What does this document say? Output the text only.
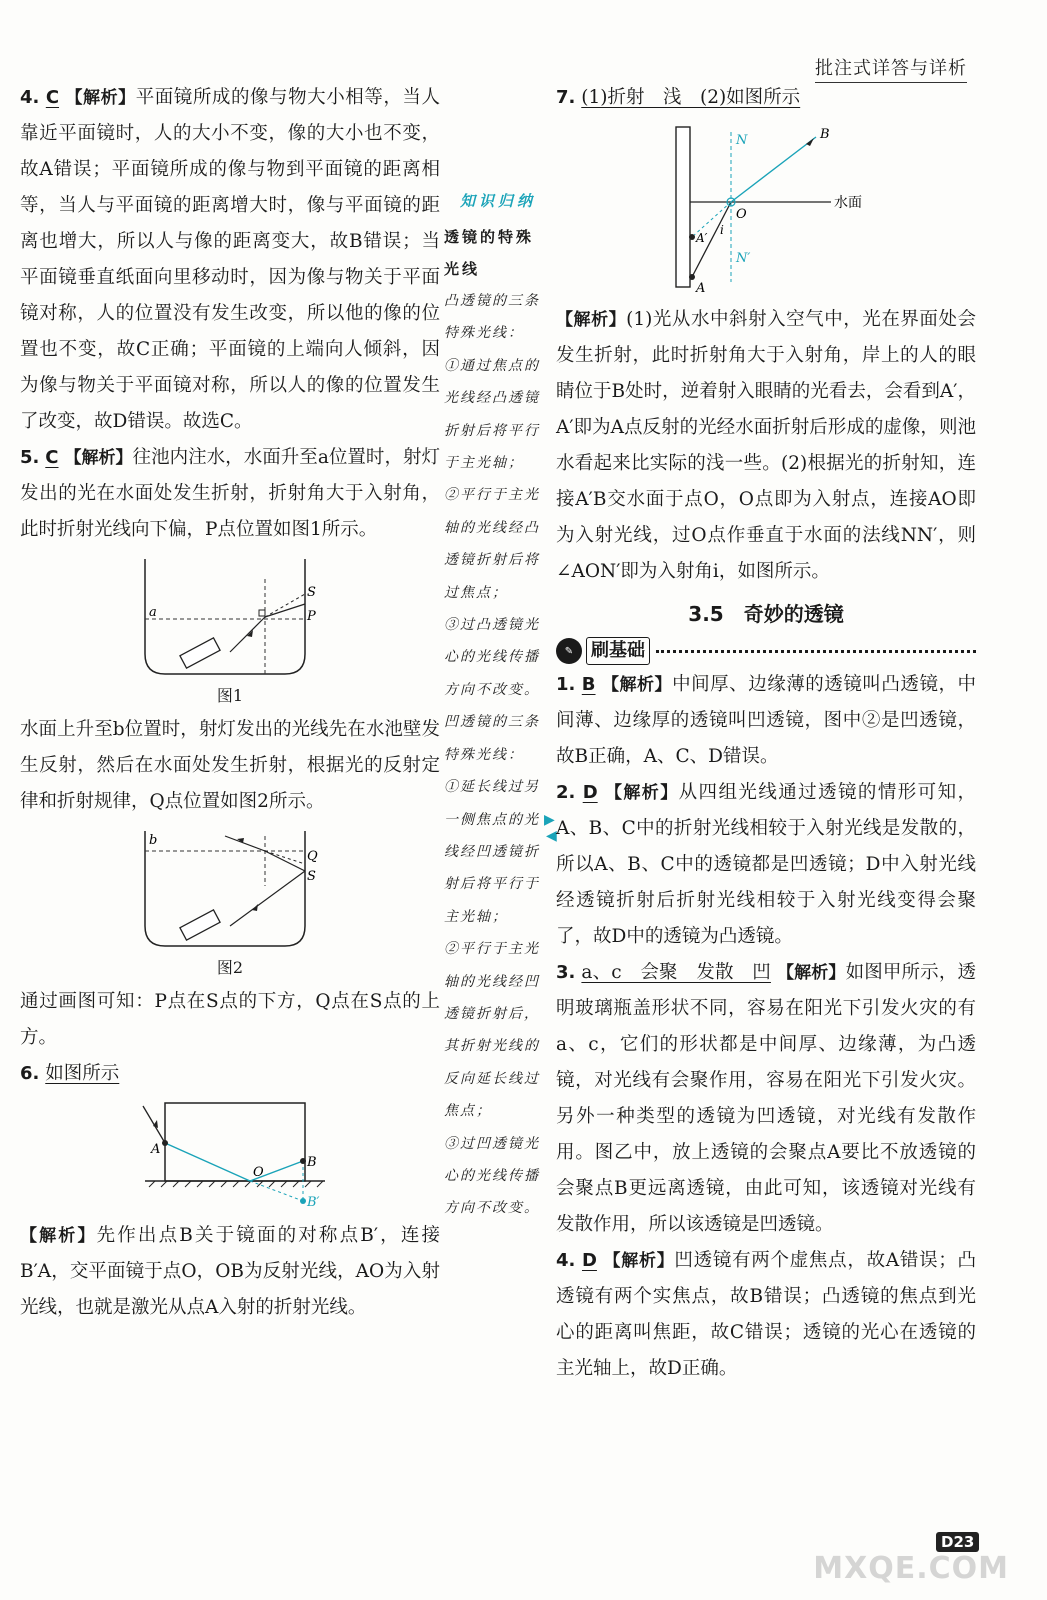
批注式详答与详析

4. C 【解析】平面镜所成的像与物大小相等，当人靠近平面镜时，人的大小不变，像的大小也不变，故A错误；平面镜所成的像与物到平面镜的距离相等，当人与平面镜的距离增大时，像与平面镜的距离也增大，所以人与像的距离变大，故B错误；当平面镜垂直纸面向里移动时，因为像与物关于平面镜对称，人的位置没有发生改变，所以他的像的位置也不变，故C正确；平面镜的上端向人倾斜，因为像与物关于平面镜对称，所以人的像的位置发生了改变，故D错误。故选C。

5. C 【解析】往池内注水，水面升至a位置时，射灯发出的光在水面处发生折射，折射角大于入射角，此时折射光线向下偏，P点位置如图1所示。

a
S
P

图1

水面上升至b位置时，射灯发出的光线先在水池壁发生反射，然后在水面处发生折射，根据光的反射定律和折射规律，Q点位置如图2所示。

b
Q
S

图2

通过画图可知：P点在S点的下方，Q点在S点的上方。

6. 如图所示

A
O
B
B′

【解析】先作出点B关于镜面的对称点B′，连接B′A，交平面镜于点O，OB为反射光线，AO为入射光线，也就是激光从点A入射的折射光线。

知识归纳

透镜的特殊

光线

凸透镜的三条

特殊光线：

①通过焦点的

光线经凸透镜

折射后将平行

于主光轴；

②平行于主光

轴的光线经凸

透镜折射后将

过焦点；

③过凸透镜光

心的光线传播

方向不改变。

凹透镜的三条

特殊光线：

①延长线过另

一侧焦点的光

线经凹透镜折

射后将平行于

主光轴；

②平行于主光

轴的光线经凹

透镜折射后，

其折射光线的

反向延长线过

焦点；

③过凹透镜光

心的光线传播

方向不改变。

▶
◀

7. (1)折射　浅　(2)如图所示

N	B
水面
O
i
A′
N′
A

【解析】(1)光从水中斜射入空气中，光在界面处会发生折射，此时折射角大于入射角，岸上的人的眼睛位于B处时，逆着射入眼睛的光看去，会看到A′，A′即为A点反射的光经水面折射后形成的虚像，则池水看起来比实际的浅一些。(2)根据光的折射知，连接A′B交水面于点O，O点即为入射点，连接AO即为入射光线，过O点作垂直于水面的法线NN′，则∠AON′即为入射角i，如图所示。

3.5　奇妙的透镜

✎ 刷基础

1. B 【解析】中间厚、边缘薄的透镜叫凸透镜，中间薄、边缘厚的透镜叫凹透镜，图中②是凹透镜，故B正确，A、C、D错误。

2. D 【解析】从四组光线通过透镜的情形可知，A、B、C中的折射光线相较于入射光线是发散的，所以A、B、C中的透镜都是凹透镜；D中入射光线经透镜折射后折射光线相较于入射光线变得会聚了，故D中的透镜为凸透镜。

3. a、c　会聚　发散　凹 【解析】如图甲所示，透明玻璃瓶盖形状不同，容易在阳光下引发火灾的有a、c，它们的形状都是中间厚、边缘薄，为凸透镜，对光线有会聚作用，容易在阳光下引发火灾。另外一种类型的透镜为凹透镜，对光线有发散作用。图乙中，放上透镜的会聚点A要比不放透镜的会聚点B更远离透镜，由此可知，该透镜对光线有发散作用，所以该透镜是凹透镜。

4. D 【解析】凹透镜有两个虚焦点，故A错误；凸透镜有两个实焦点，故B错误；凸透镜的焦点到光心的距离叫焦距，故C错误；透镜的光心在透镜的主光轴上，故D正确。

D23
MXQE.COM
